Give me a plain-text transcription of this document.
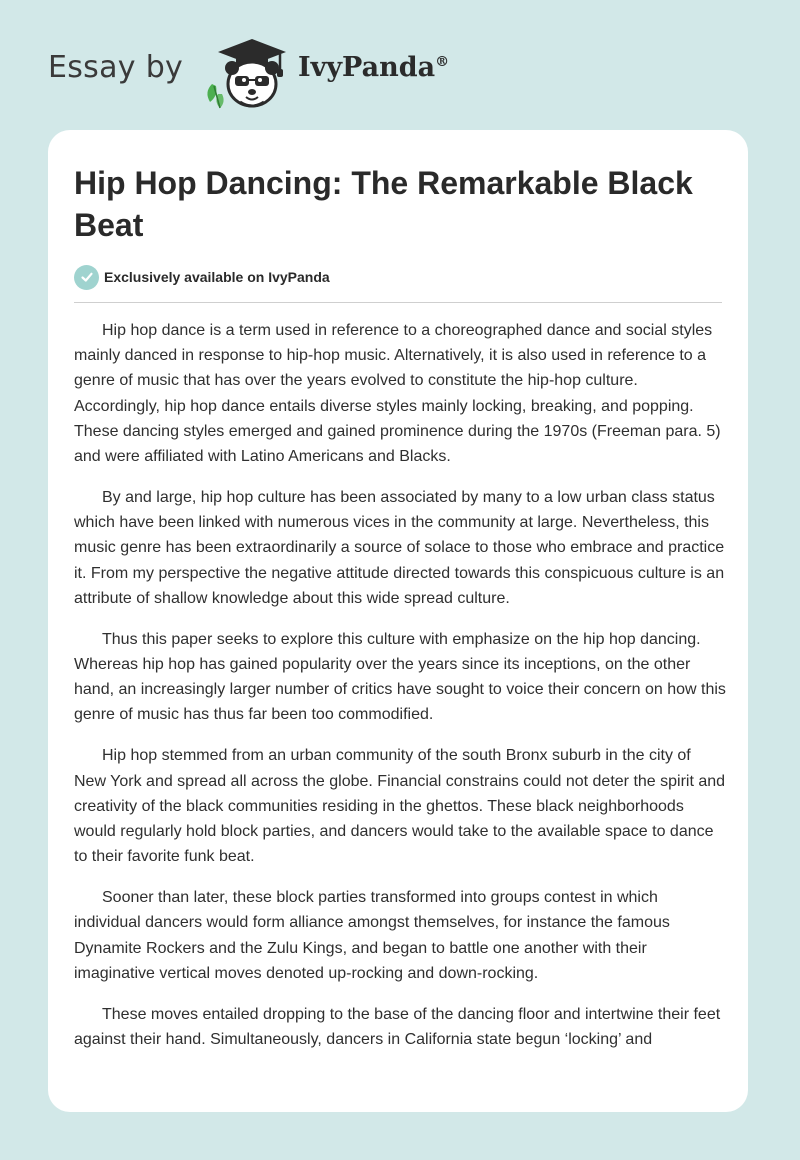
Essay by	IvyPanda®
Hip Hop Dancing: The Remarkable Black Beat
Exclusively available on IvyPanda

Hip hop dance is a term used in reference to a choreographed dance and social styles mainly danced in response to hip-hop music. Alternatively, it is also used in reference to a genre of music that has over the years evolved to constitute the hip-hop culture. Accordingly, hip hop dance entails diverse styles mainly locking, breaking, and popping. These dancing styles emerged and gained prominence during the 1970s (Freeman para. 5) and were affiliated with Latino Americans and Blacks.

By and large, hip hop culture has been associated by many to a low urban class status which have been linked with numerous vices in the community at large. Nevertheless, this music genre has been extraordinarily a source of solace to those who embrace and practice it. From my perspective the negative attitude directed towards this conspicuous culture is an attribute of shallow knowledge about this wide spread culture.

Thus this paper seeks to explore this culture with emphasize on the hip hop dancing. Whereas hip hop has gained popularity over the years since its inceptions, on the other hand, an increasingly larger number of critics have sought to voice their concern on how this genre of music has thus far been too commodified.

Hip hop stemmed from an urban community of the south Bronx suburb in the city of New York and spread all across the globe. Financial constrains could not deter the spirit and creativity of the black communities residing in the ghettos. These black neighborhoods would regularly hold block parties, and dancers would take to the available space to dance to their favorite funk beat.

Sooner than later, these block parties transformed into groups contest in which individual dancers would form alliance amongst themselves, for instance the famous Dynamite Rockers and the Zulu Kings, and began to battle one another with their imaginative vertical moves denoted up-rocking and down-rocking.

These moves entailed dropping to the base of the dancing floor and intertwine their feet against their hand. Simultaneously, dancers in California state begun ‘locking’ and
